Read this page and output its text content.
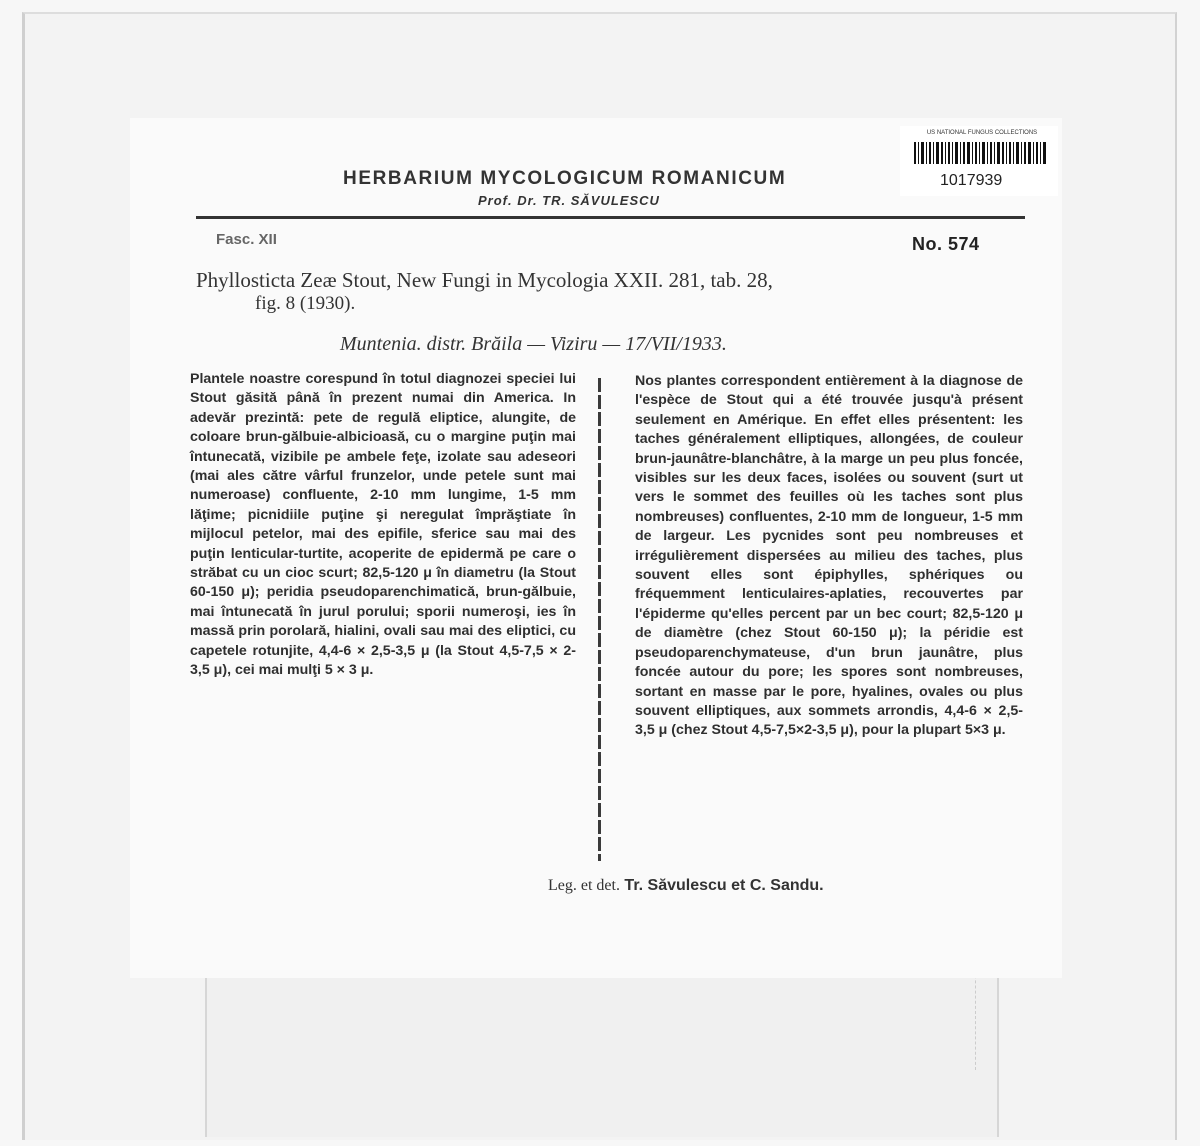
US NATIONAL FUNGUS COLLECTIONS
1017939
HERBARIUM MYCOLOGICUM ROMANICUM
Prof. Dr. TR. SĂVULESCU
Fasc. XII	No. 574
Phyllosticta Zeæ Stout, New Fungi in Mycologia XXII. 281, tab. 28,
fig. 8 (1930).
Muntenia. distr. Brăila — Viziru — 17/VII/1933.
Plantele noastre corespund în totul diagnozei speciei lui Stout găsită până în prezent numai din America. In adevăr prezintă: pete de regulă eliptice, alungite, de coloare brun-gălbuie-albicioasă, cu o margine puţin mai întunecată, vizibile pe ambele feţe, izolate sau adeseori (mai ales către vârful frunzelor, unde petele sunt mai numeroase) confluente, 2-10 mm lungime, 1-5 mm lăţime; picnidiile puţine şi neregulat împrăştiate în mijlocul petelor, mai des epifile, sferice sau mai des puţin lenticular-turtite, acoperite de epidermă pe care o străbat cu un cioc scurt; 82,5-120 μ în diametru (la Stout 60-150 μ); peridia pseudoparenchimatică, brun-gălbuie, mai întunecată în jurul porului; sporii numeroşi, ies în massă prin porolară, hialini, ovali sau mai des eliptici, cu capetele rotunjite, 4,4-6 × 2,5-3,5 μ (la Stout 4,5-7,5 × 2-3,5 μ), cei mai mulţi 5 × 3 μ.
Nos plantes correspondent entièrement à la diagnose de l'espèce de Stout qui a été trouvée jusqu'à présent seulement en Amérique. En effet elles présentent: les taches généralement elliptiques, allongées, de couleur brun-jaunâtre-blanchâtre, à la marge un peu plus foncée, visibles sur les deux faces, isolées ou souvent (surt ut vers le sommet des feuilles où les taches sont plus nombreuses) confluentes, 2-10 mm de longueur, 1-5 mm de largeur. Les pycnides sont peu nombreuses et irrégulièrement dispersées au milieu des taches, plus souvent elles sont épiphylles, sphériques ou fréquemment lenticulaires-aplaties, recouvertes par l'épiderme qu'elles percent par un bec court; 82,5-120 μ de diamètre (chez Stout 60-150 μ); la péridie est pseudoparenchymateuse, d'un brun jaunâtre, plus foncée autour du pore; les spores sont nombreuses, sortant en masse par le pore, hyalines, ovales ou plus souvent elliptiques, aux sommets arrondis, 4,4-6 × 2,5-3,5 μ (chez Stout 4,5-7,5×2-3,5 μ), pour la plupart 5×3 μ.
Leg. et det. Tr. Săvulescu et C. Sandu.
